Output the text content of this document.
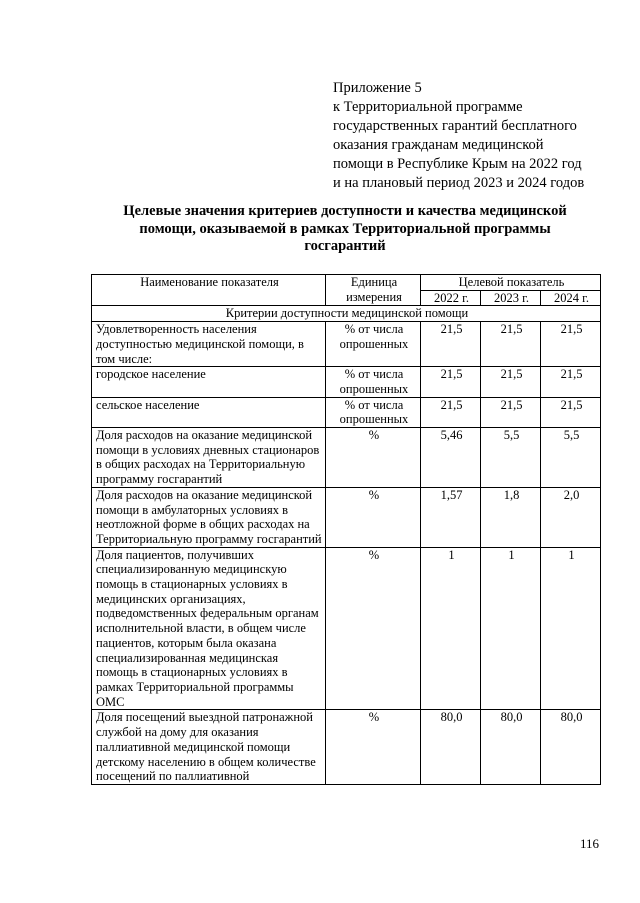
Приложение 5
к Территориальной программе
государственных гарантий бесплатного
оказания гражданам медицинской
помощи в Республике Крым на 2022 год
и на плановый период 2023 и 2024 годов
Целевые значения критериев доступности и качества медицинской
помощи, оказываемой в рамках Территориальной программы
госгарантий
Наименование показателя	Единица измерения	Целевой показатель		
		2022 г.	2023 г.	2024 г.
Критерии доступности медицинской помощи				
Удовлетворенность населения доступностью медицинской помощи, в том числе:	% от числа опрошенных	21,5	21,5	21,5
городское население	% от числа опрошенных	21,5	21,5	21,5
сельское население	% от числа опрошенных	21,5	21,5	21,5
Доля расходов на оказание медицинской помощи в условиях дневных стационаров в общих расходах на Территориальную программу госгарантий	%	5,46	5,5	5,5
Доля расходов на оказание медицинской помощи в амбулаторных условиях в неотложной форме в общих расходах на Территориальную программу госгарантий	%	1,57	1,8	2,0
Доля пациентов, получивших специализированную медицинскую помощь в стационарных условиях в медицинских организациях, подведомственных федеральным органам исполнительной власти, в общем числе пациентов, которым была оказана специализированная медицинская помощь в стационарных условиях в рамках Территориальной программы ОМС	%	1	1	1
Доля посещений выездной патронажной службой на дому для оказания паллиативной медицинской помощи детскому населению в общем количестве посещений по паллиативной	%	80,0	80,0	80,0
116
